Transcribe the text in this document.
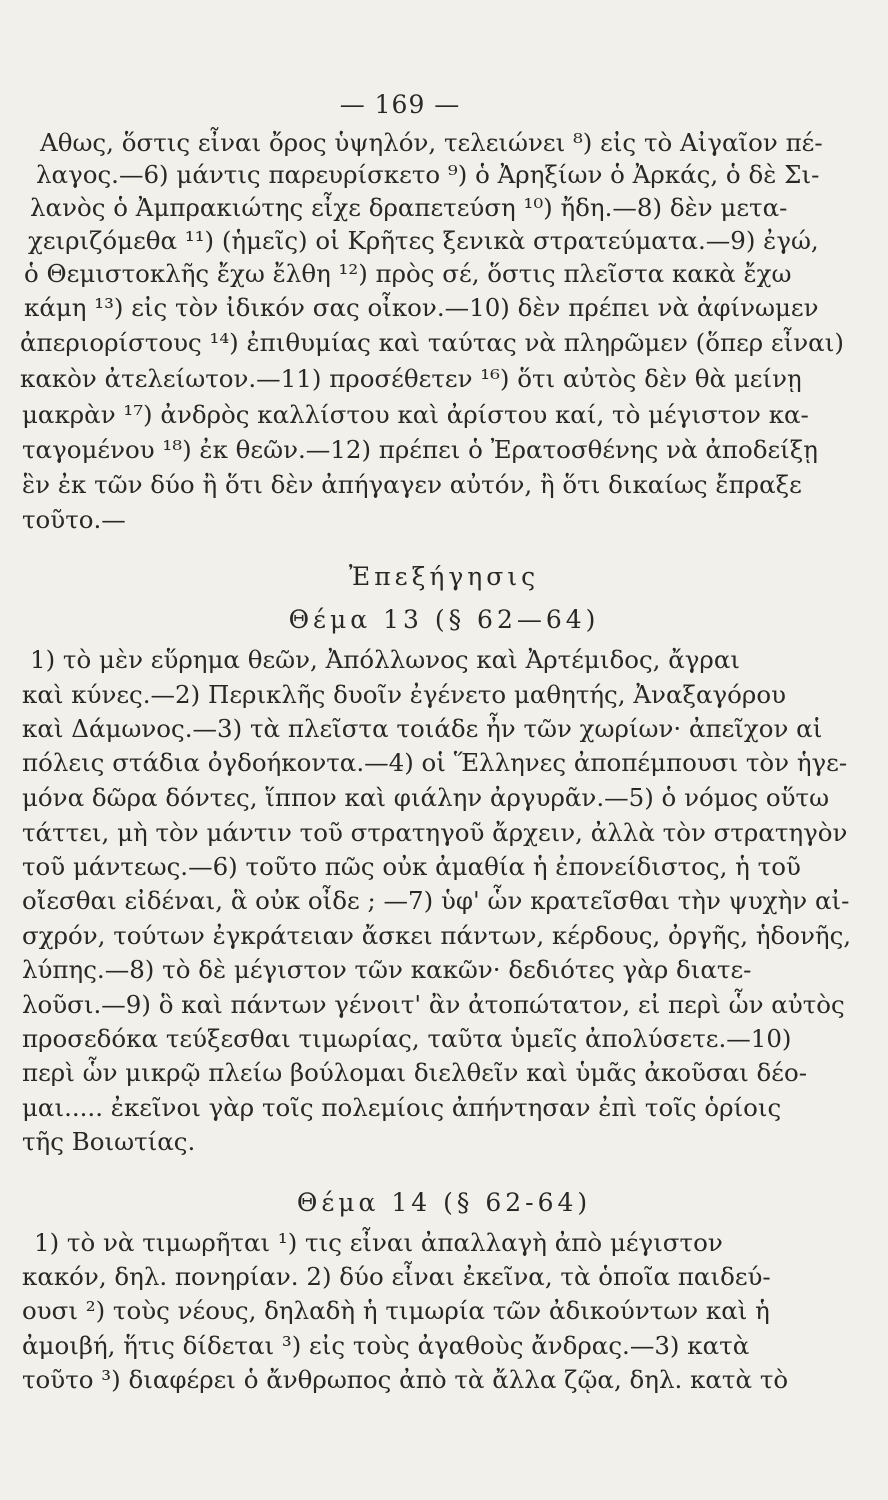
— 169 —
Αθως, ὅστις εἶναι ὄρος ὑψηλόν, τελειώνει ⁸) εἰς τὸ Αἰγαῖον πέ-
λαγος.—6) μάντις παρευρίσκετο ⁹) ὁ Ἀρηξίων ὁ Ἀρκάς, ὁ δὲ Σι-
λανὸς ὁ Ἀμπρακιώτης εἶχε δραπετεύση ¹⁰) ἤδη.—8) δὲν μετα-
χειριζόμεθα ¹¹) (ἡμεῖς) οἱ Κρῆτες ξενικὰ στρατεύματα.—9) ἐγώ,
ὁ Θεμιστοκλῆς ἔχω ἔλθη ¹²) πρὸς σέ, ὅστις πλεῖστα κακὰ ἔχω
κάμη ¹³) εἰς τὸν ἰδικόν σας οἶκον.—10) δὲν πρέπει νὰ ἀφίνωμεν
ἀπεριορίστους ¹⁴) ἐπιθυμίας καὶ ταύτας νὰ πληρῶμεν (ὅπερ εἶναι)
κακὸν ἀτελείωτον.—11) προσέθετεν ¹⁶) ὅτι αὐτὸς δὲν θὰ μείνῃ
μακρὰν ¹⁷) ἀνδρὸς καλλίστου καὶ ἀρίστου καί, τὸ μέγιστον κα-
ταγομένου ¹⁸) ἐκ θεῶν.—12) πρέπει ὁ Ἐρατοσθένης νὰ ἀποδείξῃ
ἓν ἐκ τῶν δύο ἢ ὅτι δὲν ἀπήγαγεν αὐτόν, ἢ ὅτι δικαίως ἔπραξε
τοῦτο.—
Ἐπεξήγησις
Θέμα 13 (§ 62—64)
1) τὸ μὲν εὕρημα θεῶν, Ἀπόλλωνος καὶ Ἀρτέμιδος, ἄγραι
καὶ κύνες.—2) Περικλῆς δυοῖν ἐγένετο μαθητής, Ἀναξαγόρου
καὶ Δάμωνος.—3) τὰ πλεῖστα τοιάδε ἦν τῶν χωρίων· ἀπεῖχον αἱ
πόλεις στάδια ὀγδοήκοντα.—4) οἱ Ἕλληνες ἀποπέμπουσι τὸν ἡγε-
μόνα δῶρα δόντες, ἵππον καὶ φιάλην ἀργυρᾶν.—5) ὁ νόμος οὕτω
τάττει, μὴ τὸν μάντιν τοῦ στρατηγοῦ ἄρχειν, ἀλλὰ τὸν στρατηγὸν
τοῦ μάντεως.—6) τοῦτο πῶς οὐκ ἀμαθία ἡ ἐπονείδιστος, ἡ τοῦ
οἴεσθαι εἰδέναι, ἃ οὐκ οἶδε ; —7) ὑφ' ὧν κρατεῖσθαι τὴν ψυχὴν αἰ-
σχρόν, τούτων ἐγκράτειαν ἄσκει πάντων, κέρδους, ὀργῆς, ἡδονῆς,
λύπης.—8) τὸ δὲ μέγιστον τῶν κακῶν· δεδιότες γὰρ διατε-
λοῦσι.—9) ὃ καὶ πάντων γένοιτ' ἂν ἀτοπώτατον, εἰ περὶ ὧν αὐτὸς
προσεδόκα τεύξεσθαι τιμωρίας, ταῦτα ὑμεῖς ἀπολύσετε.—10)
περὶ ὧν μικρῷ πλείω βούλομαι διελθεῖν καὶ ὑμᾶς ἀκοῦσαι δέο-
μαι..... ἐκεῖνοι γὰρ τοῖς πολεμίοις ἀπήντησαν ἐπὶ τοῖς ὁρίοις
τῆς Βοιωτίας.
Θέμα 14 (§ 62-64)
1) τὸ νὰ τιμωρῆται ¹) τις εἶναι ἀπαλλαγὴ ἀπὸ μέγιστον
κακόν, δηλ. πονηρίαν. 2) δύο εἶναι ἐκεῖνα, τὰ ὁποῖα παιδεύ-
ουσι ²) τοὺς νέους, δηλαδὴ ἡ τιμωρία τῶν ἀδικούντων καὶ ἡ
ἀμοιβή, ἥτις δίδεται ³) εἰς τοὺς ἀγαθοὺς ἄνδρας.—3) κατὰ
τοῦτο ³) διαφέρει ὁ ἄνθρωπος ἀπὸ τὰ ἄλλα ζῷα, δηλ. κατὰ τὸ
